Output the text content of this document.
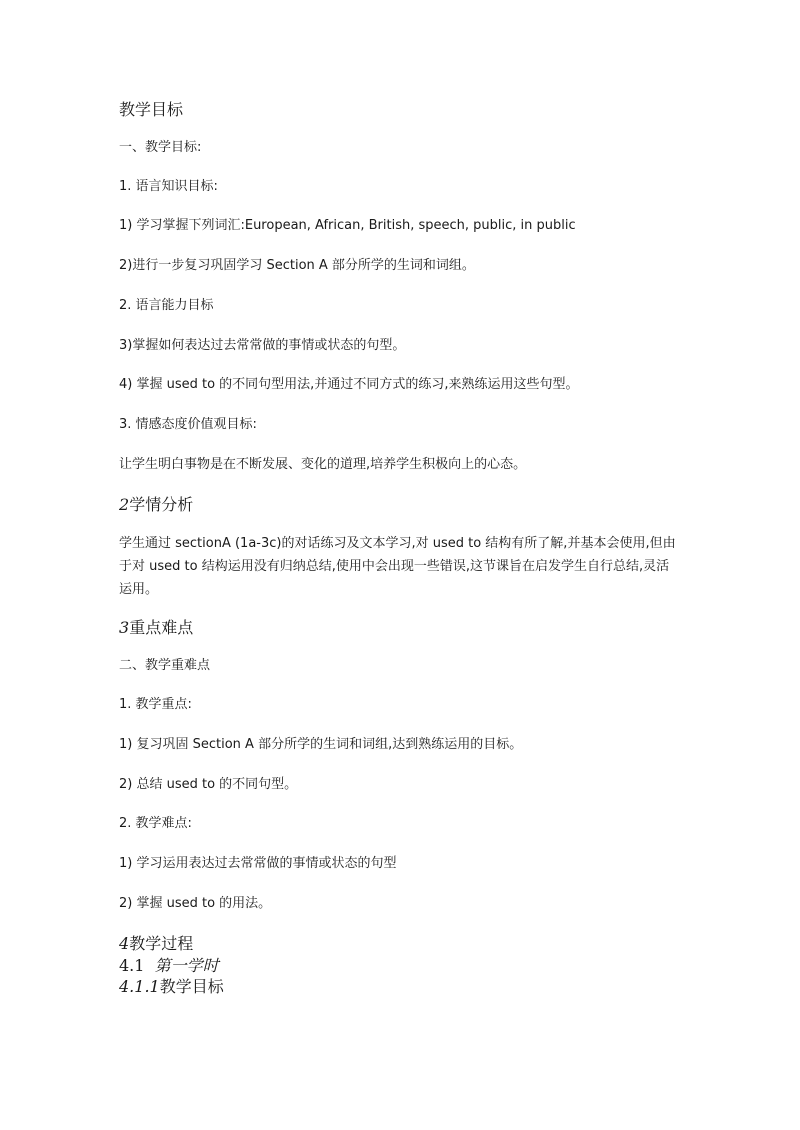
教学目标
一、教学目标:
1. 语言知识目标:
1) 学习掌握下列词汇:European, African, British, speech, public, in public
2)进行一步复习巩固学习 Section A 部分所学的生词和词组。
2. 语言能力目标
3)掌握如何表达过去常常做的事情或状态的句型。
4) 掌握 used to 的不同句型用法,并通过不同方式的练习,来熟练运用这些句型。
3. 情感态度价值观目标:
让学生明白事物是在不断发展、变化的道理,培养学生积极向上的心态。
2学情分析
学生通过 sectionA (1a-3c)的对话练习及文本学习,对 used to 结构有所了解,并基本会使用,但由于对 used to 结构运用没有归纳总结,使用中会出现一些错误,这节课旨在启发学生自行总结,灵活运用。
3重点难点
二、教学重难点
1. 教学重点:
1) 复习巩固 Section A 部分所学的生词和词组,达到熟练运用的目标。
2) 总结 used to 的不同句型。
2. 教学难点:
1) 学习运用表达过去常常做的事情或状态的句型
2) 掌握 used to 的用法。
4教学过程
4.1 第一学时
4.1.1教学目标
